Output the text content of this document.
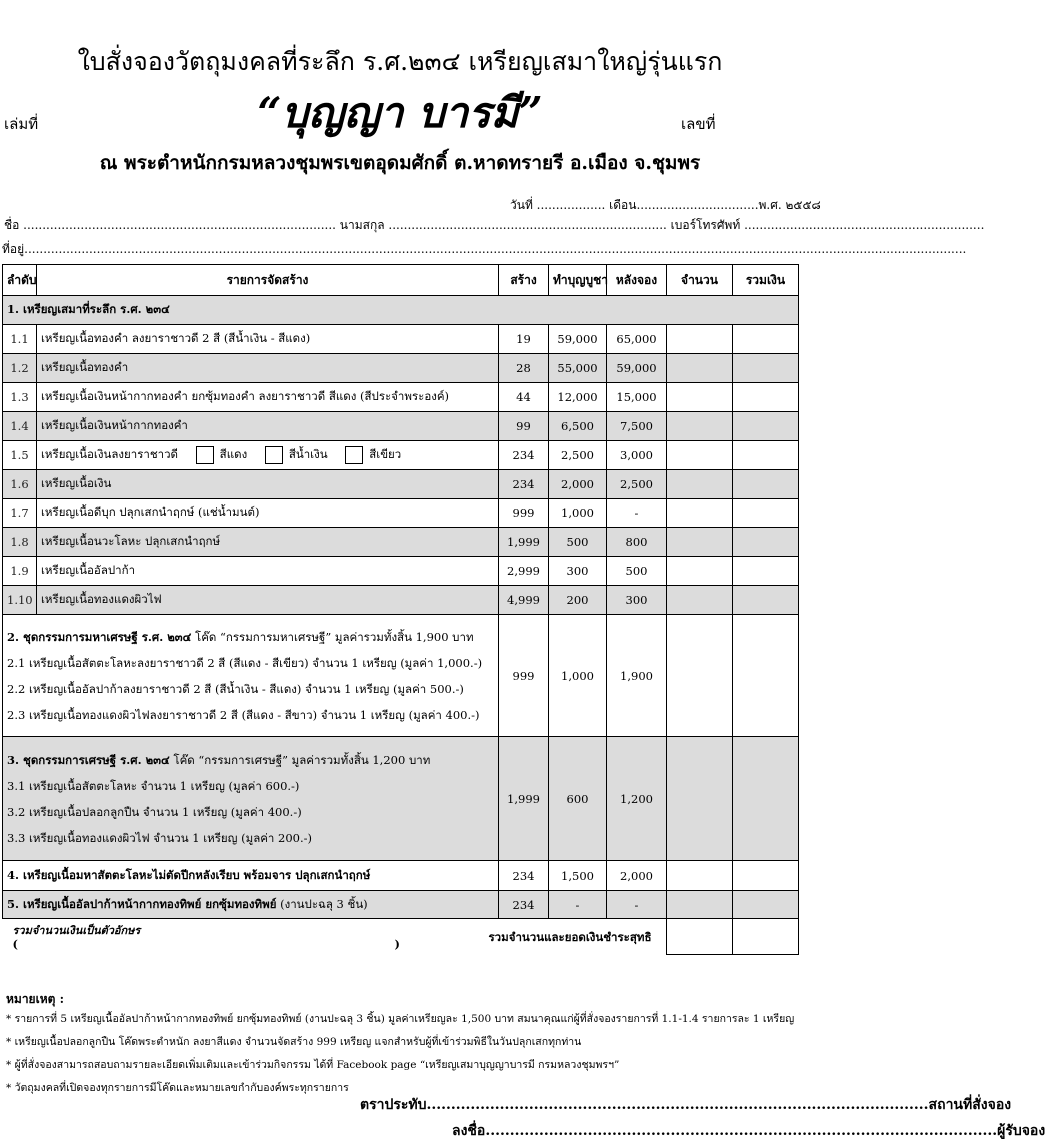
ใบสั่งจองวัตถุมงคลที่ระลึก ร.ศ.๒๓๔ เหรียญเสมาใหญ่รุ่นแรก
“บุญญา บารมี”
เล่มที่	เลขที่
ณ พระตำหนักกรมหลวงชุมพรเขตอุดมศักดิ์ ต.หาดทรายรี อ.เมือง จ.ชุมพร
วันที่ .................. เดือน................................พ.ศ. ๒๕๕๘
ชื่อ .................................................................................. นามสกุล ......................................................................... เบอร์โทรศัพท์ ...............................................................
ลำดับ	รายการจัดสร้าง	สร้าง	ทำบุญบูชา	หลังจอง	จำนวน	รวมเงิน
1. เหรียญเสมาที่ระลึก ร.ศ. ๒๓๔						
1.1	เหรียญเนื้อทองคำ ลงยาราชาวดี 2 สี (สีน้ำเงิน - สีแดง)	19	59,000	65,000		
1.2	เหรียญเนื้อทองคำ	28	55,000	59,000		
1.3	เหรียญเนื้อเงินหน้ากากทองคำ ยกซุ้มทองคำ ลงยาราชาวดี สีแดง (สีประจำพระองค์)	44	12,000	15,000		
1.4	เหรียญเนื้อเงินหน้ากากทองคำ	99	6,500	7,500		
1.5	เหรียญเนื้อเงินลงยาราชาวดี สีแดง สีน้ำเงิน สีเขียว	234	2,500	3,000		
1.6	เหรียญเนื้อเงิน	234	2,000	2,500		
1.7	เหรียญเนื้อดีบุก ปลุกเสกนำฤกษ์ (แช่น้ำมนต์)	999	1,000	-		
1.8	เหรียญเนื้อนวะโลหะ ปลุกเสกนำฤกษ์	1,999	500	800		
1.9	เหรียญเนื้ออัลปาก้า	2,999	300	500		
1.10	เหรียญเนื้อทองแดงผิวไฟ	4,999	200	300		

2. ชุดกรรมการมหาเศรษฐี ร.ศ. ๒๓๔ โค๊ด “กรรมการมหาเศรษฐี” มูลค่ารวมทั้งสิ้น 1,900 บาท
2.1 เหรียญเนื้อสัตตะโลหะลงยาราชาวดี 2 สี (สีแดง - สีเขียว) จำนวน 1 เหรียญ (มูลค่า 1,000.-)
2.2 เหรียญเนื้ออัลปาก้าลงยาราชาวดี 2 สี (สีน้ำเงิน - สีแดง) จำนวน 1 เหรียญ (มูลค่า 500.-)
2.3 เหรียญเนื้อทองแดงผิวไฟลงยาราชาวดี 2 สี (สีแดง - สีขาว) จำนวน 1 เหรียญ (มูลค่า 400.-)		999	1,000	1,900		

3. ชุดกรรมการเศรษฐี ร.ศ. ๒๓๔ โค๊ด “กรรมการเศรษฐี” มูลค่ารวมทั้งสิ้น 1,200 บาท
3.1 เหรียญเนื้อสัตตะโลหะ จำนวน 1 เหรียญ (มูลค่า 600.-)
3.2 เหรียญเนื้อปลอกลูกปืน จำนวน 1 เหรียญ (มูลค่า 400.-)
3.3 เหรียญเนื้อทองแดงผิวไฟ จำนวน 1 เหรียญ (มูลค่า 200.-)		1,999	600	1,200		
4. เหรียญเนื้อมหาสัตตะโลหะไม่ตัดปีกหลังเรียบ พร้อมจาร ปลุกเสกนำฤกษ์		234	1,500	2,000		
5. เหรียญเนื้ออัลปาก้าหน้ากากทองทิพย์ ยกซุ้มทองทิพย์ (งานปะฉลุ 3 ชิ้น)		234	-	-		

รวมจำนวนเงินเป็นตัวอักษร
( ) รวมจำนวนและยอดเงินชำระสุทธิ						

ที่อยู่.......................................................................................................................................................................................................................................................
หมายเหตุ :
* รายการที่ 5 เหรียญเนื้ออัลปาก้าหน้ากากทองทิพย์ ยกซุ้มทองทิพย์ (งานปะฉลุ 3 ชิ้น) มูลค่าเหรียญละ 1,500 บาท สมนาคุณแก่ผู้ที่สั่งจองรายการที่ 1.1-1.4 รายการละ 1 เหรียญ
* เหรียญเนื้อปลอกลูกปืน โค๊ดพระตำหนัก ลงยาสีแดง จำนวนจัดสร้าง 999 เหรียญ แจกสำหรับผู้ที่เข้าร่วมพิธีในวันปลุกเสกทุกท่าน
* ผู้ที่สั่งจองสามารถสอบถามรายละเอียดเพิ่มเติมและเข้าร่วมกิจกรรม ได้ที่ Facebook page “เหรียญเสมาบุญญาบารมี กรมหลวงชุมพรฯ”
* วัตถุมงคลที่เปิดจองทุกรายการมีโค๊ดและหมายเลขกำกับองค์พระทุกรายการ
ตราประทับ.......................................................................................................สถานที่สั่งจอง
ลงชื่อ.........................................................................................................ผู้รับจอง
